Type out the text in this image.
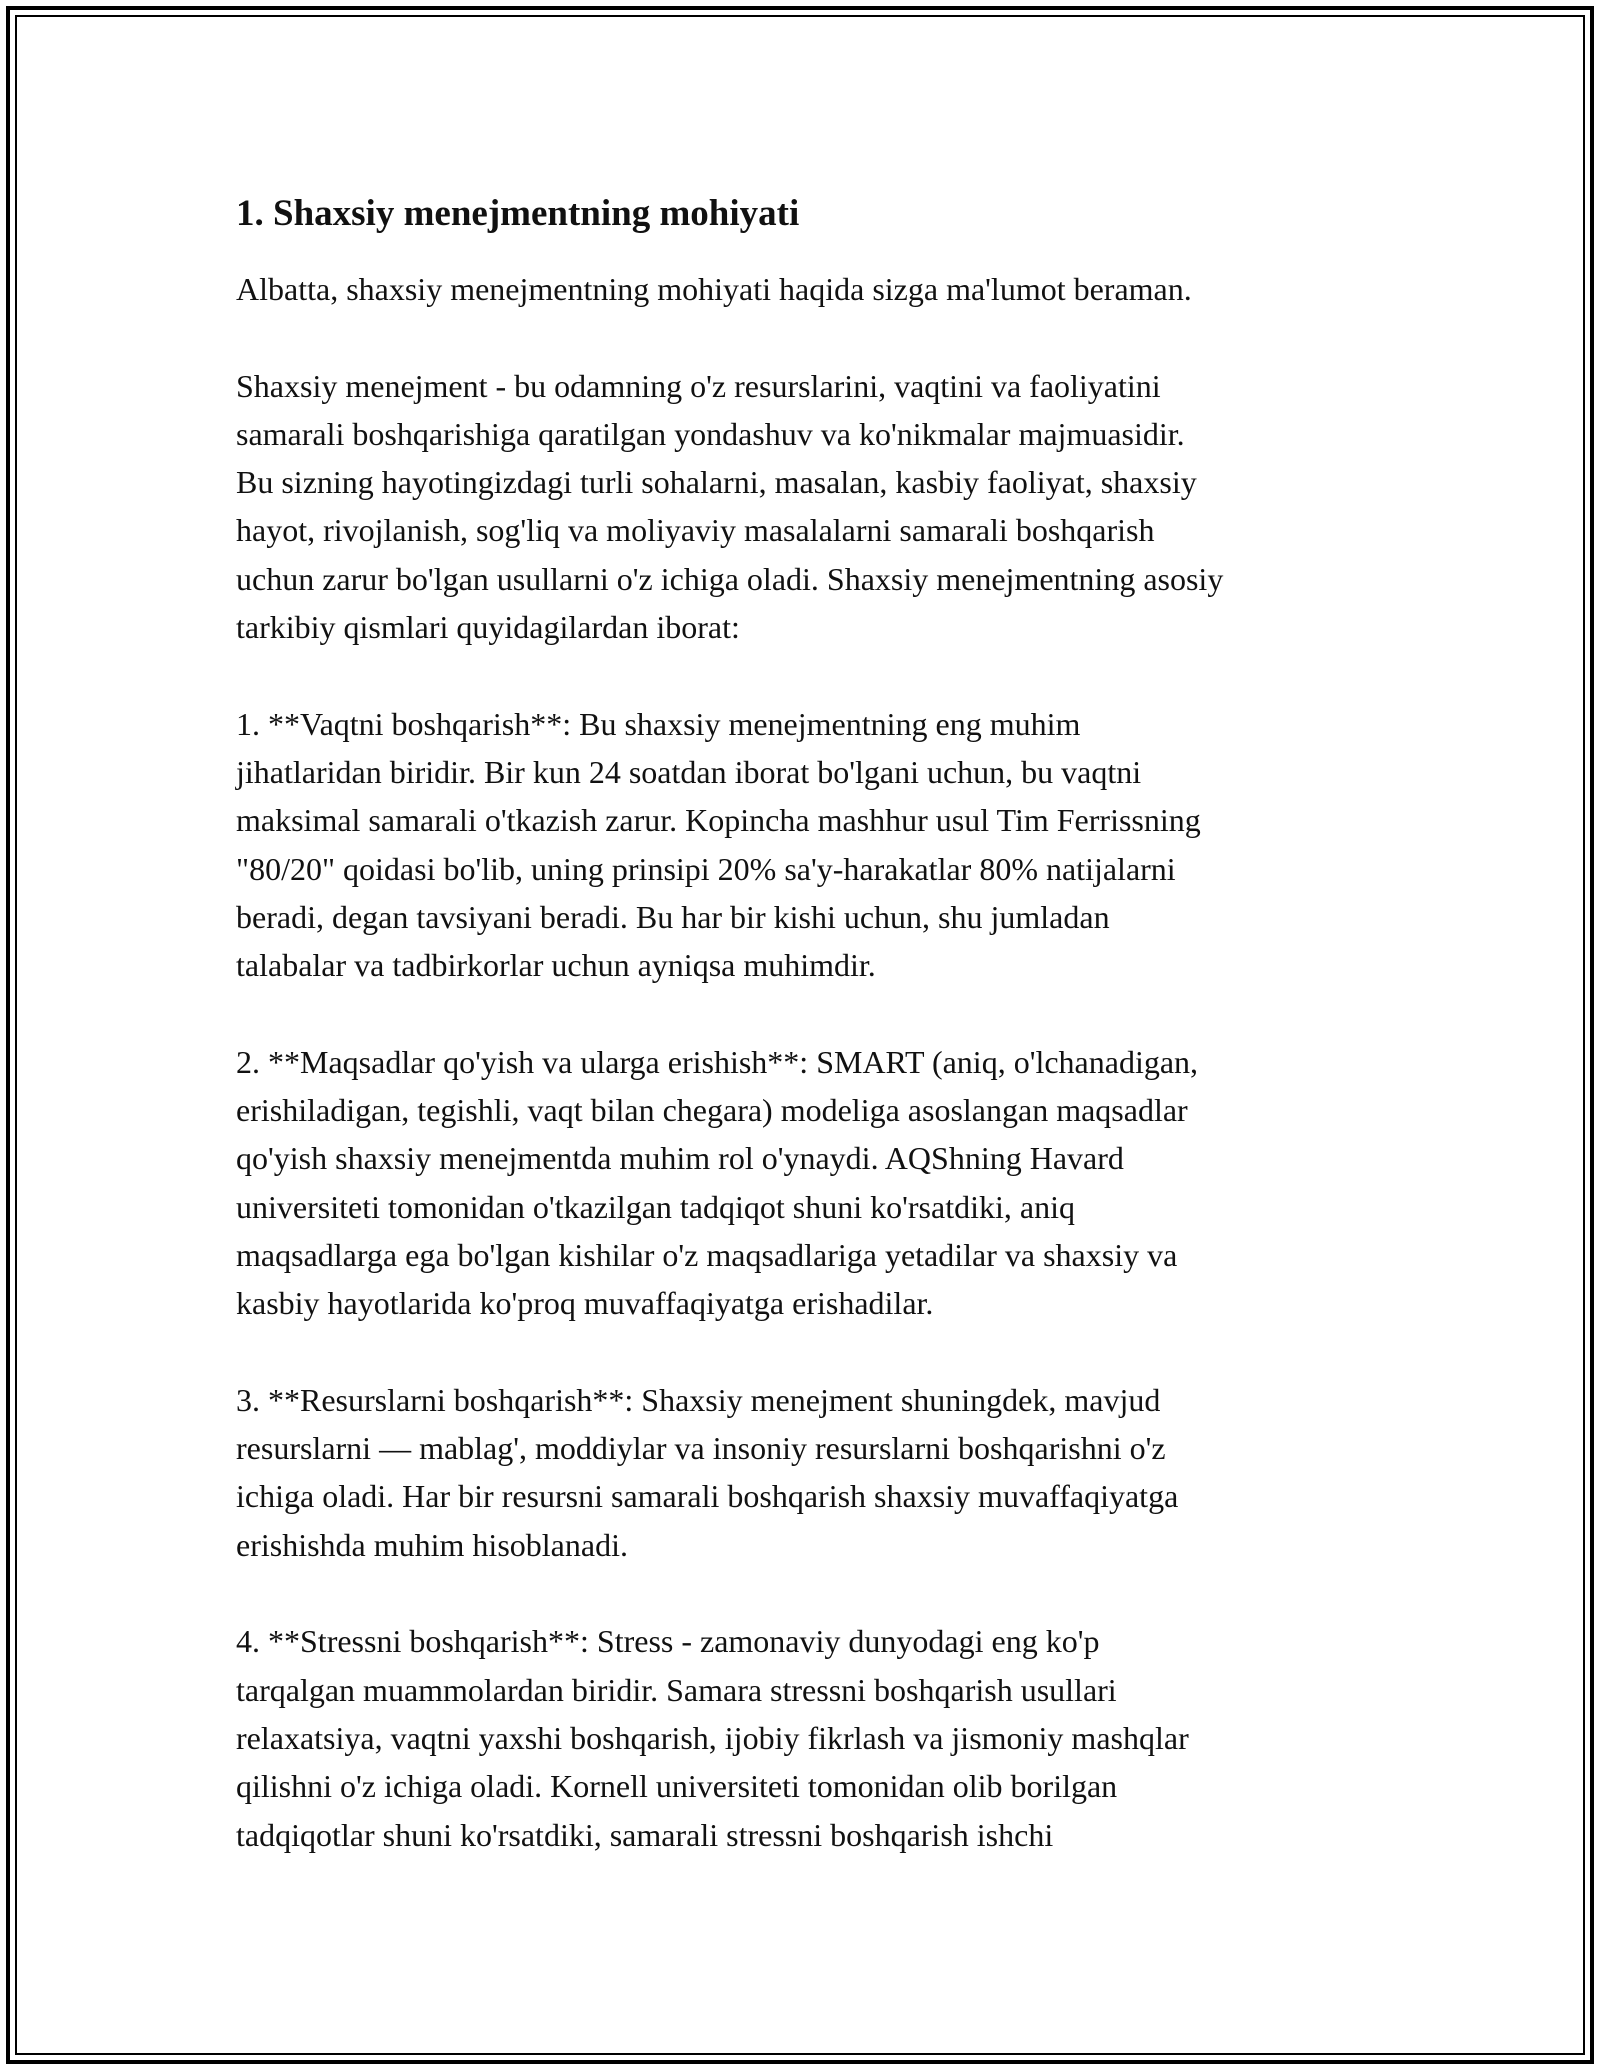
1. Shaxsiy menejmentning mohiyati

Albatta, shaxsiy menejmentning mohiyati haqida sizga ma'lumot beraman.

Shaxsiy menejment - bu odamning o'z resurslarini, vaqtini va faoliyatini
samarali boshqarishiga qaratilgan yondashuv va ko'nikmalar majmuasidir.
Bu sizning hayotingizdagi turli sohalarni, masalan, kasbiy faoliyat, shaxsiy
hayot, rivojlanish, sog'liq va moliyaviy masalalarni samarali boshqarish
uchun zarur bo'lgan usullarni o'z ichiga oladi. Shaxsiy menejmentning asosiy
tarkibiy qismlari quyidagilardan iborat:

1. **Vaqtni boshqarish**: Bu shaxsiy menejmentning eng muhim
jihatlaridan biridir. Bir kun 24 soatdan iborat bo'lgani uchun, bu vaqtni
maksimal samarali o'tkazish zarur. Kopincha mashhur usul Tim Ferrissning
"80/20" qoidasi bo'lib, uning prinsipi 20% sa'y-harakatlar 80% natijalarni
beradi, degan tavsiyani beradi. Bu har bir kishi uchun, shu jumladan
talabalar va tadbirkorlar uchun ayniqsa muhimdir.

2. **Maqsadlar qo'yish va ularga erishish**: SMART (aniq, o'lchanadigan,
erishiladigan, tegishli, vaqt bilan chegara) modeliga asoslangan maqsadlar
qo'yish shaxsiy menejmentda muhim rol o'ynaydi. AQShning Havard
universiteti tomonidan o'tkazilgan tadqiqot shuni ko'rsatdiki, aniq
maqsadlarga ega bo'lgan kishilar o'z maqsadlariga yetadilar va shaxsiy va
kasbiy hayotlarida ko'proq muvaffaqiyatga erishadilar.

3. **Resurslarni boshqarish**: Shaxsiy menejment shuningdek, mavjud
resurslarni — mablag', moddiylar va insoniy resurslarni boshqarishni o'z
ichiga oladi. Har bir resursni samarali boshqarish shaxsiy muvaffaqiyatga
erishishda muhim hisoblanadi.

4. **Stressni boshqarish**: Stress - zamonaviy dunyodagi eng ko'p
tarqalgan muammolardan biridir. Samara stressni boshqarish usullari
relaxatsiya, vaqtni yaxshi boshqarish, ijobiy fikrlash va jismoniy mashqlar
qilishni o'z ichiga oladi. Kornell universiteti tomonidan olib borilgan
tadqiqotlar shuni ko'rsatdiki, samarali stressni boshqarish ishchi
